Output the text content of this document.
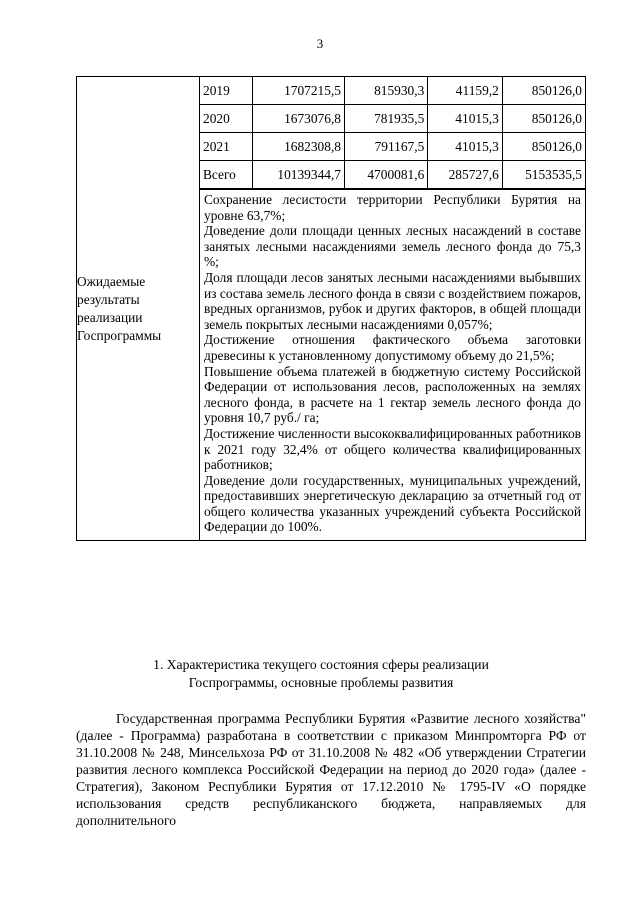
3
Ожидаемые результаты реализации Госпрограммы	
2019	1707215,5	815930,3	41159,2	850126,0
2020	1673076,8	781935,5	41015,3	850126,0
2021	1682308,8	791167,5	41015,3	850126,0
Всего	10139344,7	4700081,6	285727,6	5153535,5

Сохранение лесистости территории Республики Бурятия на уровне 63,7%;
Доведение доли площади ценных лесных насаждений в составе занятых лесными насаждениями земель лесного фонда до 75,3 %;
Доля площади лесов занятых лесными насаждениями выбывших из состава земель лесного фонда в связи с воздействием пожаров, вредных организмов, рубок и других факторов, в общей площади земель покрытых лесными насаждениями 0,057%;
Достижение отношения фактического объема заготовки древесины к установленному допустимому объему до 21,5%;
Повышение объема платежей в бюджетную систему Российской Федерации от использования лесов, расположенных на землях лесного фонда, в расчете на 1 гектар земель лесного фонда до уровня 10,7 руб./ га;
Достижение численности высококвалифицированных работников к 2021 году 32,4% от общего количества квалифицированных работников;
Доведение доли государственных, муниципальных учреждений, предоставивших энергетическую декларацию за отчетный год от общего количества указанных учреждений субъекта Российской Федерации до 100%.
1. Характеристика текущего состояния сферы реализации
Госпрограммы, основные проблемы развития

Государственная программа Республики Бурятия «Развитие лесного хозяйства" (далее - Программа) разработана в соответствии с приказом Минпромторга РФ от 31.10.2008 № 248, Минсельхоза РФ от 31.10.2008 № 482 «Об утверждении Стратегии развития лесного комплекса Российской Федерации на период до 2020 года» (далее - Стратегия), Законом Республики Бурятия от 17.12.2010 № 1795-IV «О порядке использования средств республиканского бюджета, направляемых для дополнительного
